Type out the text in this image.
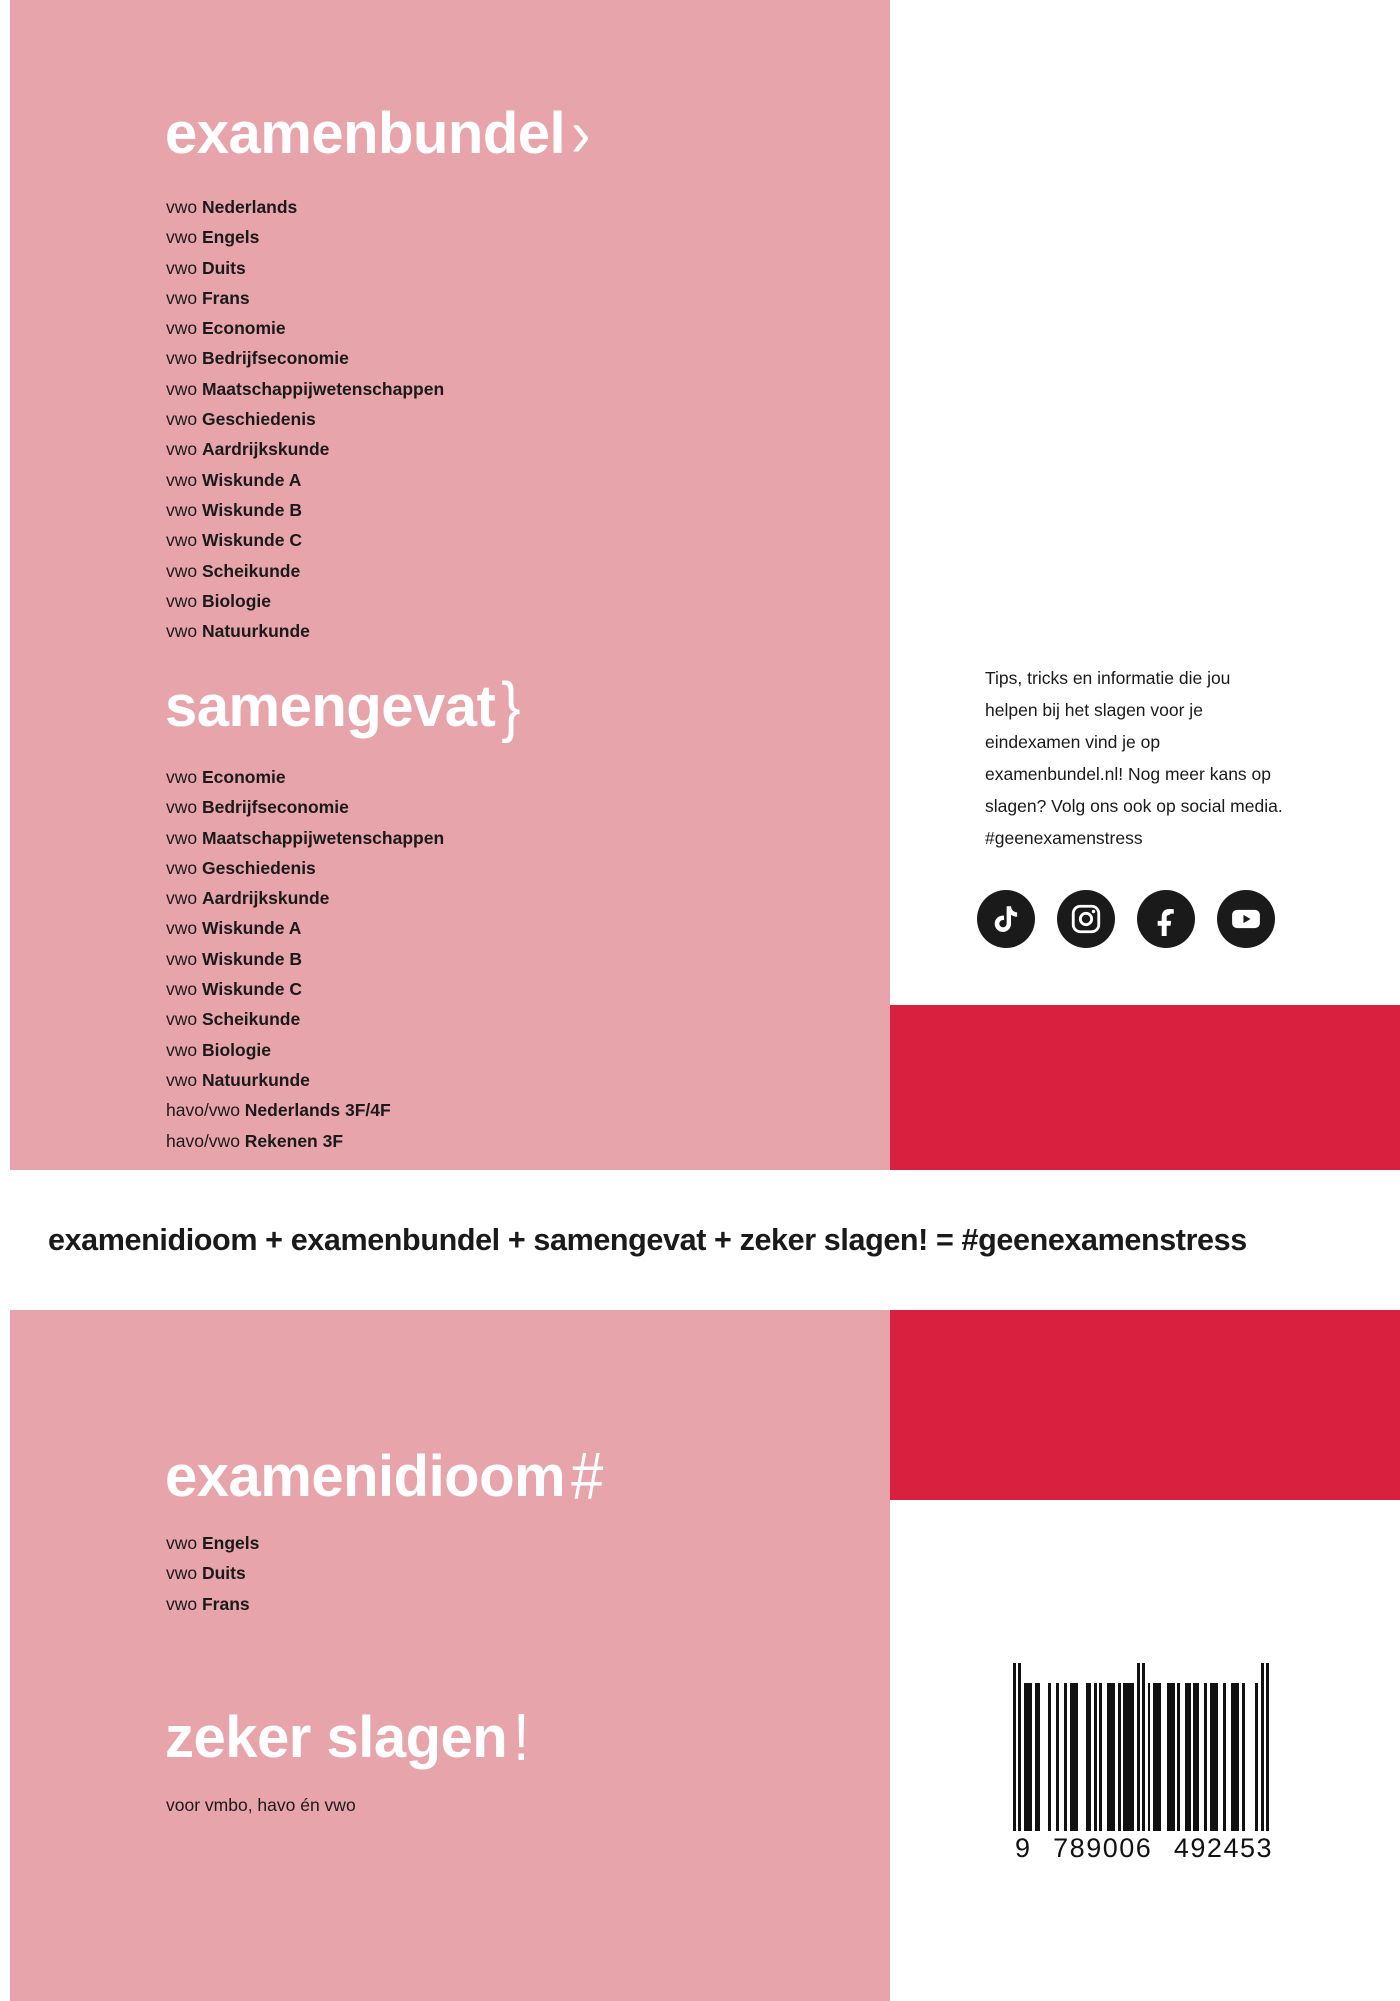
examenbundel ›
vwo Nederlands
vwo Engels
vwo Duits
vwo Frans
vwo Economie
vwo Bedrijfseconomie
vwo Maatschappijwetenschappen
vwo Geschiedenis
vwo Aardrijkskunde
vwo Wiskunde A
vwo Wiskunde B
vwo Wiskunde C
vwo Scheikunde
vwo Biologie
vwo Natuurkunde
samengevat }
vwo Economie
vwo Bedrijfseconomie
vwo Maatschappijwetenschappen
vwo Geschiedenis
vwo Aardrijkskunde
vwo Wiskunde A
vwo Wiskunde B
vwo Wiskunde C
vwo Scheikunde
vwo Biologie
vwo Natuurkunde
havo/vwo Nederlands 3F/4F
havo/vwo Rekenen 3F

Tips, tricks en informatie die jou helpen bij het slagen voor je eindexamen vind je op examenbundel.nl! Nog meer kans op slagen? Volg ons ook op social media. #geenexamenstress

examenidioom + examenbundel + samengevat + zeker slagen! = #geenexamenstress
examenidioom #
vwo Engels
vwo Duits
vwo Frans
zeker slagen !
voor vmbo, havo én vwo
9 789006 492453
